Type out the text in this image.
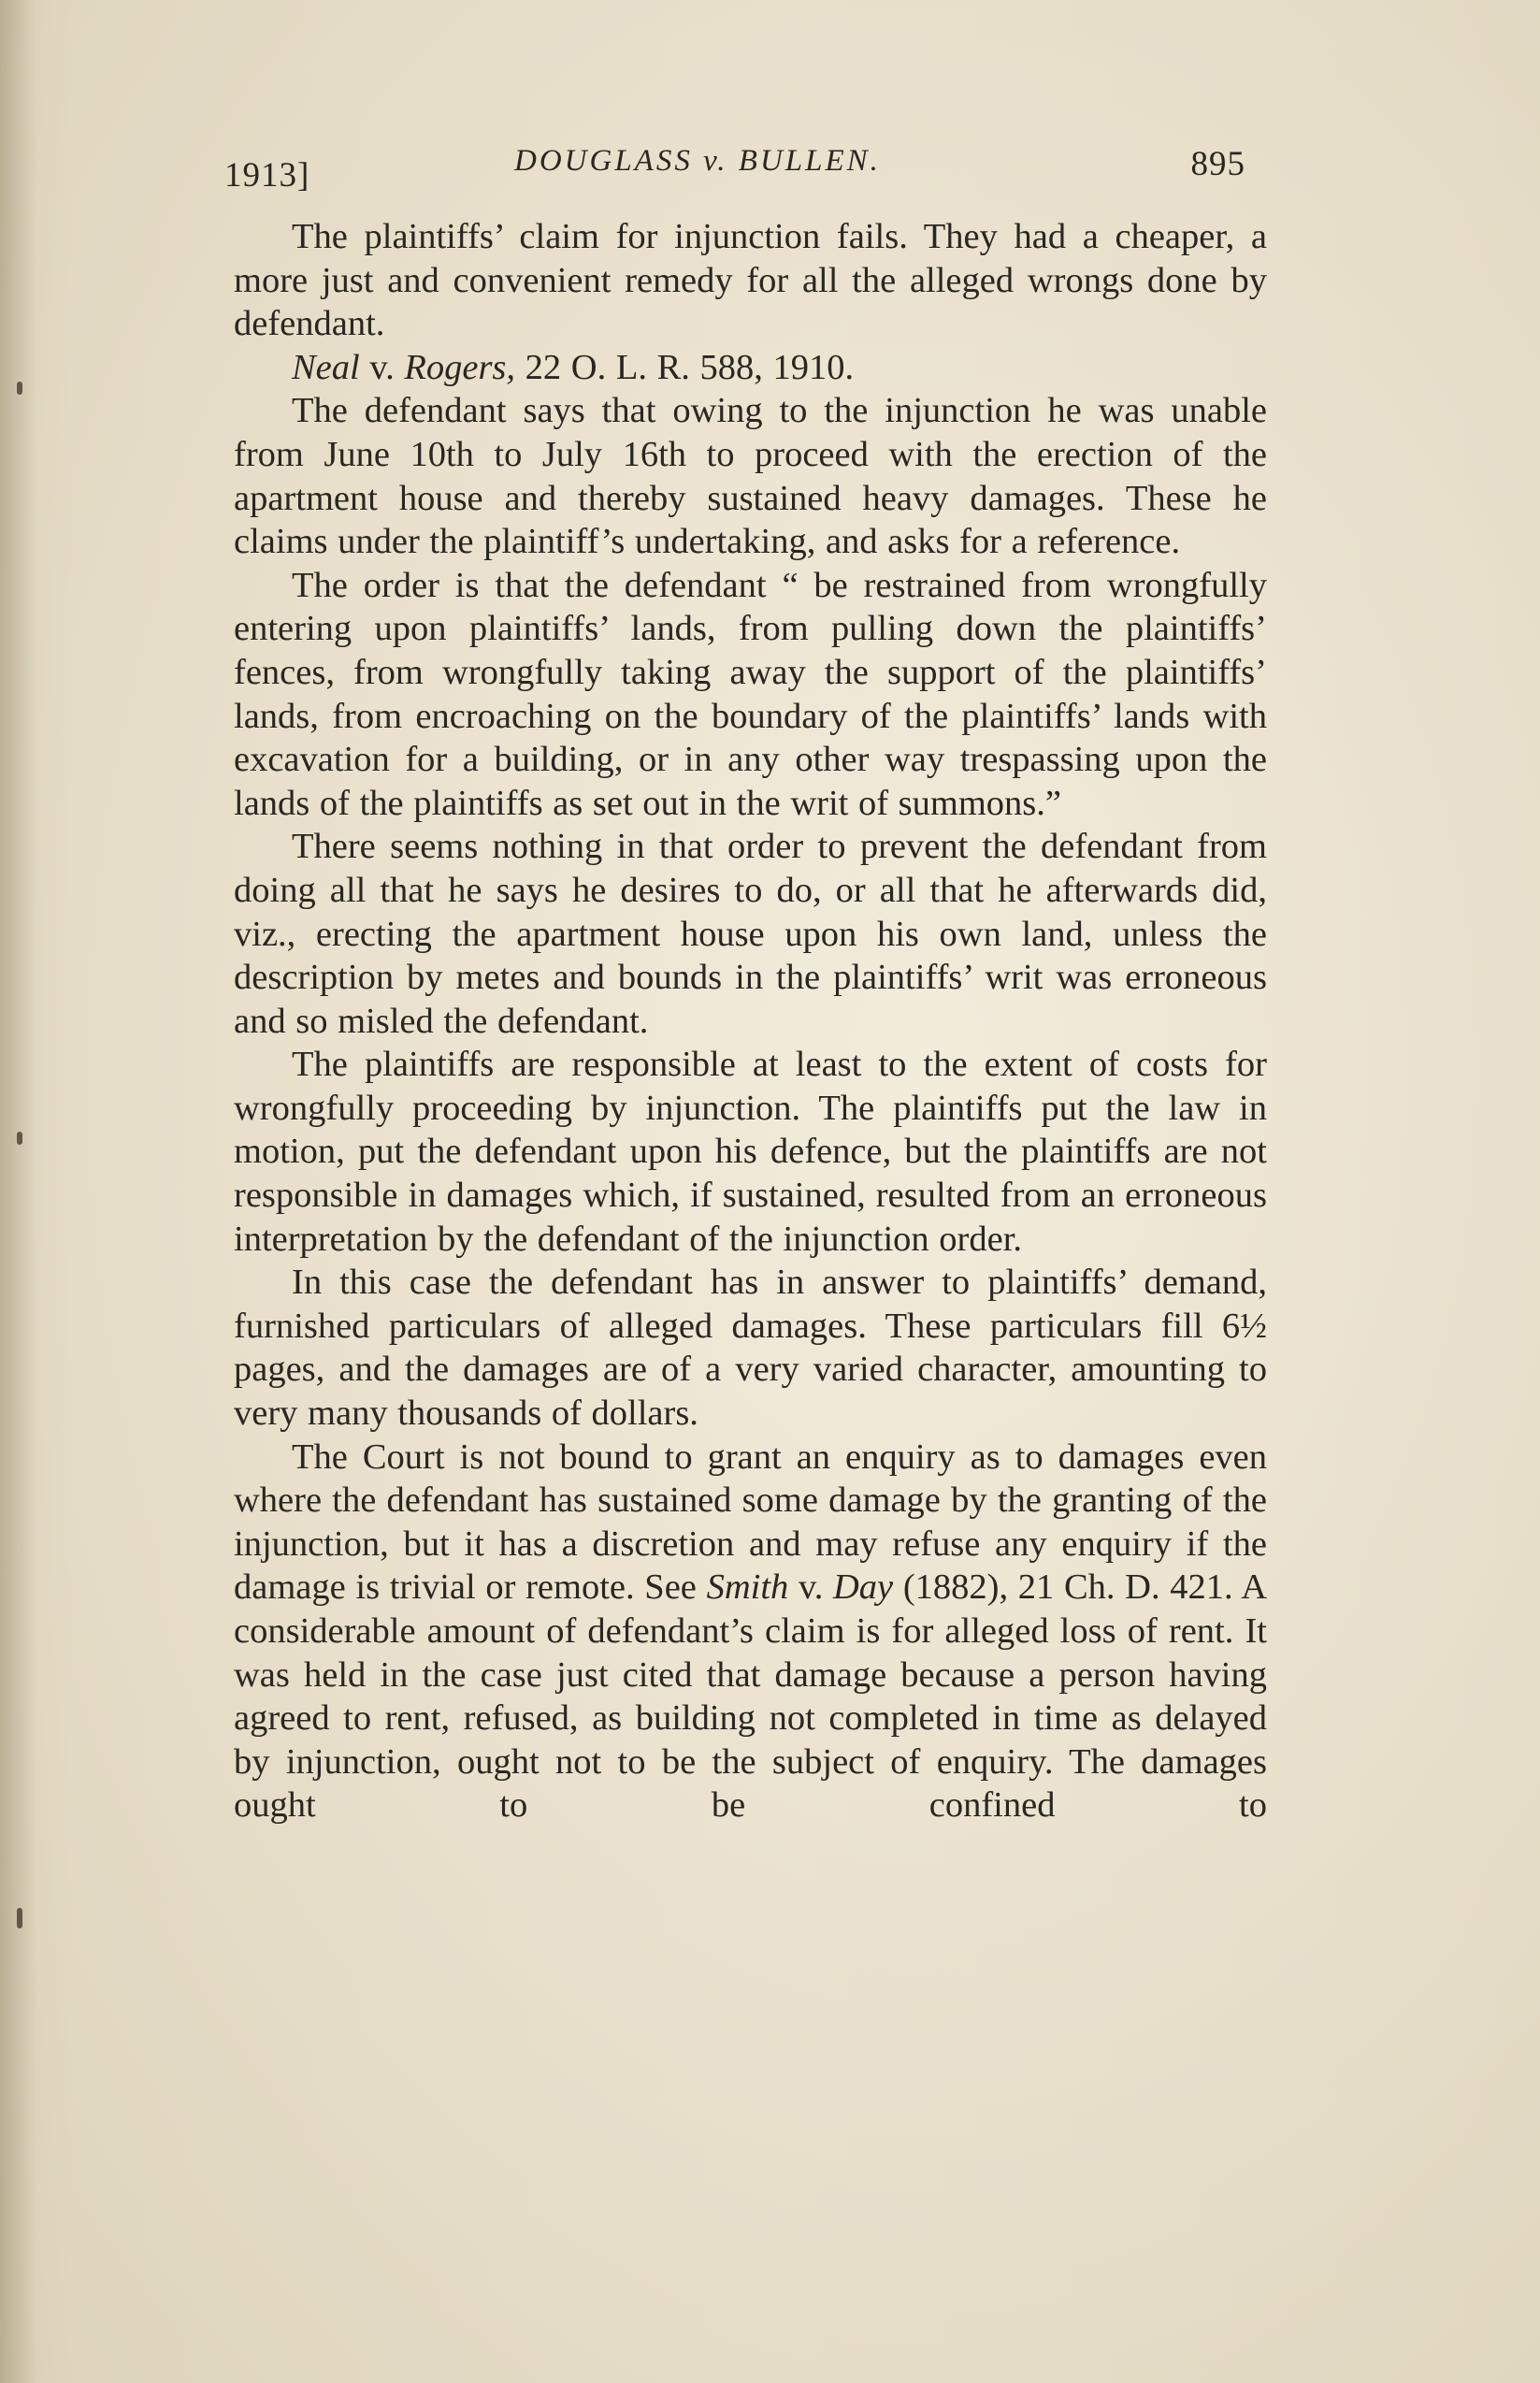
1913]	DOUGLASS v. BULLEN.	895

The plaintiffs’ claim for injunction fails. They had a cheaper, a more just and convenient remedy for all the alleged wrongs done by defendant.

Neal v. Rogers, 22 O. L. R. 588, 1910.

The defendant says that owing to the injunction he was unable from June 10th to July 16th to proceed with the erection of the apartment house and thereby sustained heavy damages. These he claims under the plaintiff’s undertaking, and asks for a reference.

The order is that the defendant “ be restrained from wrongfully entering upon plaintiffs’ lands, from pulling down the plaintiffs’ fences, from wrongfully taking away the support of the plaintiffs’ lands, from encroaching on the boundary of the plaintiffs’ lands with excavation for a building, or in any other way trespassing upon the lands of the plaintiffs as set out in the writ of summons.”

There seems nothing in that order to prevent the defendant from doing all that he says he desires to do, or all that he afterwards did, viz., erecting the apartment house upon his own land, unless the description by metes and bounds in the plaintiffs’ writ was erroneous and so misled the defendant.

The plaintiffs are responsible at least to the extent of costs for wrongfully proceeding by injunction. The plaintiffs put the law in motion, put the defendant upon his defence, but the plaintiffs are not responsible in damages which, if sustained, resulted from an erroneous interpretation by the defendant of the injunction order.

In this case the defendant has in answer to plaintiffs’ demand, furnished particulars of alleged damages. These particulars fill 6½ pages, and the damages are of a very varied character, amounting to very many thousands of dollars.

The Court is not bound to grant an enquiry as to damages even where the defendant has sustained some damage by the granting of the injunction, but it has a discretion and may refuse any enquiry if the damage is trivial or remote. See Smith v. Day (1882), 21 Ch. D. 421. A considerable amount of defendant’s claim is for alleged loss of rent. It was held in the case just cited that damage because a person having agreed to rent, refused, as building not completed in time as delayed by injunction, ought not to be the subject of enquiry. The damages ought to be confined to
